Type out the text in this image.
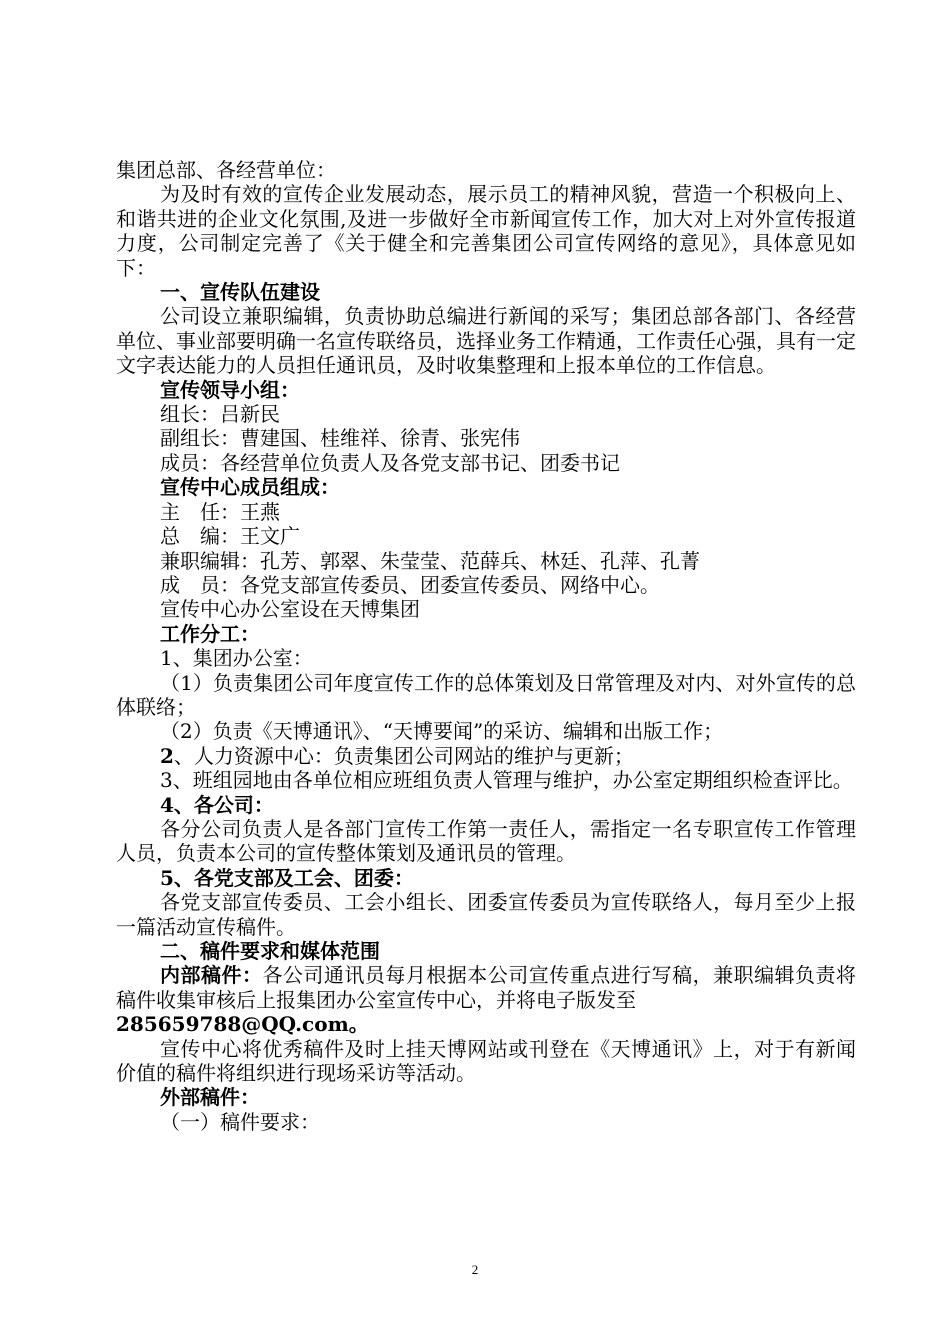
集团总部、各经营单位：

为及时有效的宣传企业发展动态，展示员工的精神风貌，营造一个积极向上、和谐共进的企业文化氛围,及进一步做好全市新闻宣传工作，加大对上对外宣传报道力度，公司制定完善了《关于健全和完善集团公司宣传网络的意见》，具体意见如下：

一、宣传队伍建设

公司设立兼职编辑，负责协助总编进行新闻的采写；集团总部各部门、各经营单位、事业部要明确一名宣传联络员，选择业务工作精通，工作责任心强，具有一定文字表达能力的人员担任通讯员，及时收集整理和上报本单位的工作信息。

宣传领导小组：

组长：吕新民

副组长：曹建国、桂维祥、徐青、张宪伟

成员：各经营单位负责人及各党支部书记、团委书记

宣传中心成员组成：

主　任：王燕

总　编：王文广

兼职编辑：孔芳、郭翠、朱莹莹、范薛兵、林廷、孔萍、孔菁

成　员：各党支部宣传委员、团委宣传委员、网络中心。

宣传中心办公室设在天博集团

工作分工：

1、集团办公室：

（1）负责集团公司年度宣传工作的总体策划及日常管理及对内、对外宣传的总体联络；

（2）负责《天博通讯》、“天博要闻”的采访、编辑和出版工作；

2、人力资源中心：负责集团公司网站的维护与更新；

3、班组园地由各单位相应班组负责人管理与维护，办公室定期组织检查评比。

4、各公司：

各分公司负责人是各部门宣传工作第一责任人，需指定一名专职宣传工作管理人员，负责本公司的宣传整体策划及通讯员的管理。

5、各党支部及工会、团委：

各党支部宣传委员、工会小组长、团委宣传委员为宣传联络人，每月至少上报一篇活动宣传稿件。

二、稿件要求和媒体范围

内部稿件：各公司通讯员每月根据本公司宣传重点进行写稿，兼职编辑负责将稿件收集审核后上报集团办公室宣传中心，并将电子版发至

285659788@QQ.com。

宣传中心将优秀稿件及时上挂天博网站或刊登在《天博通讯》上，对于有新闻价值的稿件将组织进行现场采访等活动。

外部稿件：

（一）稿件要求：

2
